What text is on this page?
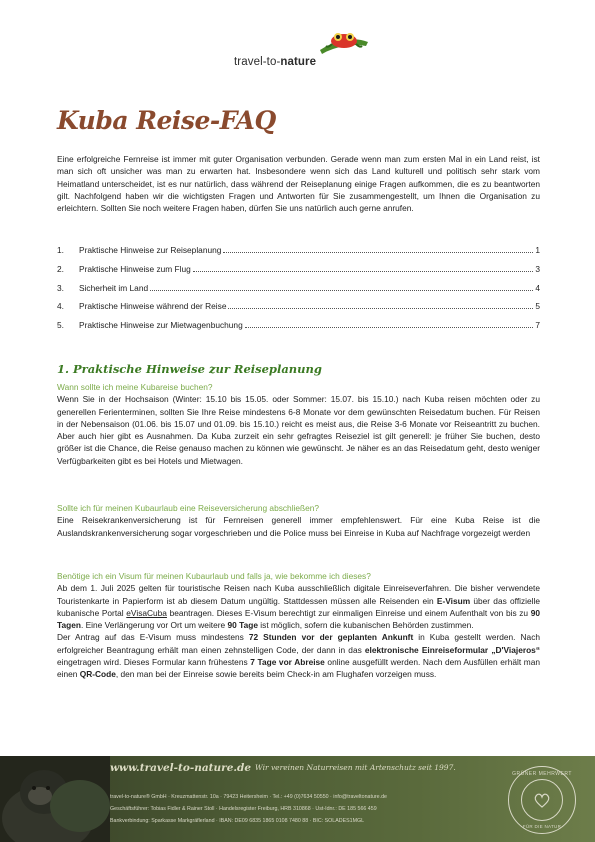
travel-to-nature
Kuba Reise-FAQ

Eine erfolgreiche Fernreise ist immer mit guter Organisation verbunden. Gerade wenn man zum ersten Mal in ein Land reist, ist man sich oft unsicher was man zu erwarten hat. Insbesondere wenn sich das Land kulturell und politisch sehr stark vom Heimatland unterscheidet, ist es nur natürlich, dass während der Reiseplanung einige Fragen aufkommen, die es zu beantworten gilt. Nachfolgend haben wir die wichtigsten Fragen und Antworten für Sie zusammengestellt, um Ihnen die Organisation zu erleichtern. Sollten Sie noch weitere Fragen haben, dürfen Sie uns natürlich auch gerne anrufen.

1.	Praktische Hinweise zur Reiseplanung	1
2.	Praktische Hinweise zum Flug	3
3.	Sicherheit im Land	4
4.	Praktische Hinweise während der Reise	5
5.	Praktische Hinweise zur Mietwagenbuchung	7
1. Praktische Hinweise zur Reiseplanung

Wann sollte ich meine Kubareise buchen?

Wenn Sie in der Hochsaison (Winter: 15.10 bis 15.05. oder Sommer: 15.07. bis 15.10.) nach Kuba reisen möchten oder zu generellen Ferienterminen, sollten Sie Ihre Reise mindestens 6-8 Monate vor dem gewünschten Reisedatum buchen. Für Reisen in der Nebensaison (01.06. bis 15.07 und 01.09. bis 15.10.) reicht es meist aus, die Reise 3-6 Monate vor Reiseantritt zu buchen. Aber auch hier gibt es Ausnahmen. Da Kuba zurzeit ein sehr gefragtes Reiseziel ist gilt generell: je früher Sie buchen, desto größer ist die Chance, die Reise genauso machen zu können wie gewünscht. Je näher es an das Reisedatum geht, desto weniger Verfügbarkeiten gibt es bei Hotels und Mietwagen.

Sollte ich für meinen Kubaurlaub eine Reiseversicherung abschließen?

Eine Reisekrankenversicherung ist für Fernreisen generell immer empfehlenswert. Für eine Kuba Reise ist die Auslandskrankenversicherung sogar vorgeschrieben und die Police muss bei Einreise in Kuba auf Nachfrage vorgezeigt werden

Benötige ich ein Visum für meinen Kubaurlaub und falls ja, wie bekomme ich dieses?

Ab dem 1. Juli 2025 gelten für touristische Reisen nach Kuba ausschließlich digitale Einreiseverfahren. Die bisher verwendete Touristenkarte in Papierform ist ab diesem Datum ungültig. Stattdessen müssen alle Reisenden ein E-Visum über das offizielle kubanische Portal eVisaCuba beantragen. Dieses E-Visum berechtigt zur einmaligen Einreise und einem Aufenthalt von bis zu 90 Tagen. Eine Verlängerung vor Ort um weitere 90 Tage ist möglich, sofern die kubanischen Behörden zustimmen.

Der Antrag auf das E-Visum muss mindestens 72 Stunden vor der geplanten Ankunft in Kuba gestellt werden. Nach erfolgreicher Beantragung erhält man einen zehnstelligen Code, der dann in das elektronische Einreiseformular „D'Viajeros“ eingetragen wird. Dieses Formular kann frühestens 7 Tage vor Abreise online ausgefüllt werden. Nach dem Ausfüllen erhält man einen QR-Code, den man bei der Einreise sowie bereits beim Check-in am Flughafen vorzeigen muss.

www.travel-to-nature.de Wir vereinen Naturreisen mit Artenschutz seit 1997.
travel-to-nature® GmbH · Kreuzmattenstr. 10a · 79423 Heitersheim · Tel.: +49 (0)7634 50550 · info@traveltonature.de
Geschäftsführer: Tobias Fidler & Rainer Stoll · Handelsregister Freiburg, HRB 310868 · Ust-Idnr.: DE 185 566 459
Bankverbindung: Sparkasse Markgräflerland · IBAN: DE09 6835 1865 0108 7480 88 · BIC: SOLADES1MGL
GRÜNER MEHRWERT
FÜR DIE NATUR
